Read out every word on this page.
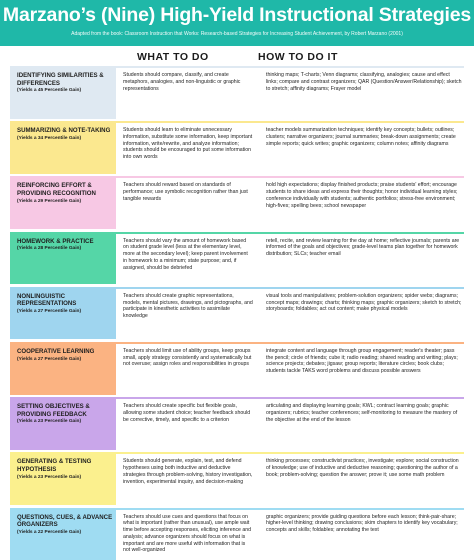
Marzano’s (Nine) High-Yield Instructional Strategies
Adapted from the book: Classroom Instruction that Works: Research-based Strategies for Increasing Student Achievement, by Robert Marzano (2001)
WHAT TO DO	HOW TO DO IT
IDENTIFYING SIMILARITIES & DIFFERENCES
(Yields a 45 Percentile Gain)
Students should compare, classify, and create metaphors, analogies, and non-linguistic or graphic representations
thinking maps; T-charts; Venn diagrams; classifying, analogies; cause and effect links; compare and contrast organizers; QAR (Question/Answer/Relationship); sketch to stretch; affinity diagrams; Frayer model
SUMMARIZING & NOTE-TAKING
(Yields a 34 Percentile Gain)
Students should learn to eliminate unnecessary information, substitute some information, keep important information, write/rewrite, and analyze information; students should be encouraged to put some information into own words
teacher models summarization techniques; identify key concepts; bullets; outlines; clusters; narrative organizers; journal summaries; break-down assignments; create simple reports; quick writes; graphic organizers; column notes; affinity diagrams
REINFORCING EFFORT & PROVIDING RECOGNITION
(Yields a 29 Percentile Gain)
Teachers should reward based on standards of performance; use symbolic recognition rather than just tangible rewards
hold high expectations; display finished products; praise students' effort; encourage students to share ideas and express their thoughts; honor individual learning styles; conference individually with students; authentic portfolios; stress-free environment; high-fives; spelling bees; school newspaper
HOMEWORK & PRACTICE
(Yields a 28 Percentile Gain)
Teachers should vary the amount of homework based on student grade level (less at the elementary level, more at the secondary level); keep parent involvement in homework to a minimum; state purpose; and, if assigned, should be debriefed
retell, recite, and review learning for the day at home; reflective journals; parents are informed of the goals and objectives; grade-level teams plan together for homework distribution; SLCs; teacher email
NONLINGUISTIC REPRESENTATIONS
(Yields a 27 Percentile Gain)
Teachers should create graphic representations, models, mental pictures, drawings, and pictographs, and participate in kinesthetic activities to assimilate knowledge
visual tools and manipulatives; problem-solution organizers; spider webs; diagrams; concept maps; drawings; charts; thinking maps; graphic organizers; sketch to stretch; storyboards; foldables; act out content; make physical models
COOPERATIVE LEARNING
(Yields a 27 Percentile Gain)
Teachers should limit use of ability groups, keep groups small, apply strategy consistently and systematically but not overuse; assign roles and responsibilities in groups
integrate content and language through group engagement; reader's theater; pass the pencil; circle of friends; cube it; radio reading; shared reading and writing; plays; science projects; debates; jigsaw; group reports; literature circles; book clubs; students tackle TAKS word problems and discuss possible answers
SETTING OBJECTIVES & PROVIDING FEEDBACK
(Yields a 23 Percentile Gain)
Teachers should create specific but flexible goals, allowing some student choice; teacher feedback should be corrective, timely, and specific to a criterion
articulating and displaying learning goals; KWL; contract learning goals; graphic organizers; rubrics; teacher conferences; self-monitoring to measure the mastery of the objective at the end of the lesson
GENERATING & TESTING HYPOTHESIS
(Yields a 23 Percentile Gain)
Students should generate, explain, test, and defend hypotheses using both inductive and deductive strategies through problem-solving, history investigation, invention, experimental inquiry, and decision-making
thinking processes; constructivist practices;, investigate; explore; social construction of knowledge; use of inductive and deductive reasoning; questioning the author of a book; problem-solving; question the answer; prove it; use some math problem
QUESTIONS, CUES, & ADVANCE ORGANIZERS
(Yields a 22 Percentile Gain)
Teachers should use cues and questions that focus on what is important (rather than unusual), use ample wait time before accepting responses, eliciting inference and analysis; advance organizers should focus on what is important and are more useful with information that is not well-organized
graphic organizers; provide guiding questions before each lesson; think-pair-share; higher-level thinking; drawing conclusions; skim chapters to identify key vocabulary; concepts and skills; foldables; annotating the text
